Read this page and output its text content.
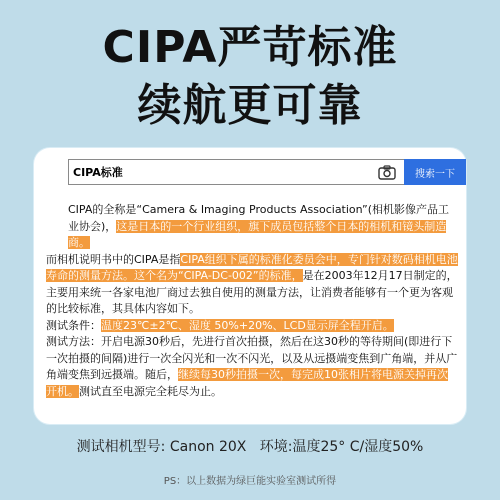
CIPA严苛标准
续航更可靠
CIPA标准	搜索一下
CIPA的全称是“Camera & Imaging Products Association”(相机影像产品工业协会)，这是日本的一个行业组织，旗下成员包括整个日本的相机和镜头制造商。
而相机说明书中的CIPA是指CIPA组织下属的标准化委员会中，专门针对数码相机电池寿命的测量方法。这个名为“CIPA-DC-002”的标准，是在2003年12月17日制定的，主要用来统一各家电池厂商过去独自使用的测量方法，让消费者能够有一个更为客观的比较标准，其具体内容如下。
测试条件：温度23℃±2℃、湿度 50%+20%、LCD显示屏全程开启。
测试方法：开启电源30秒后，先进行首次拍摄，然后在这30秒的等待期间(即进行下一次拍摄的间隔)进行一次全闪光和一次不闪光，以及从远摄端变焦到广角端，并从广角端变焦到远摄端。随后，继续每30秒拍摄一次，每完成10张相片将电源关掉再次开机。测试直至电源完全耗尽为止。
测试相机型号: Canon 20X 环境:温度25° C/湿度50%
PS：以上数据为绿巨能实验室测试所得
